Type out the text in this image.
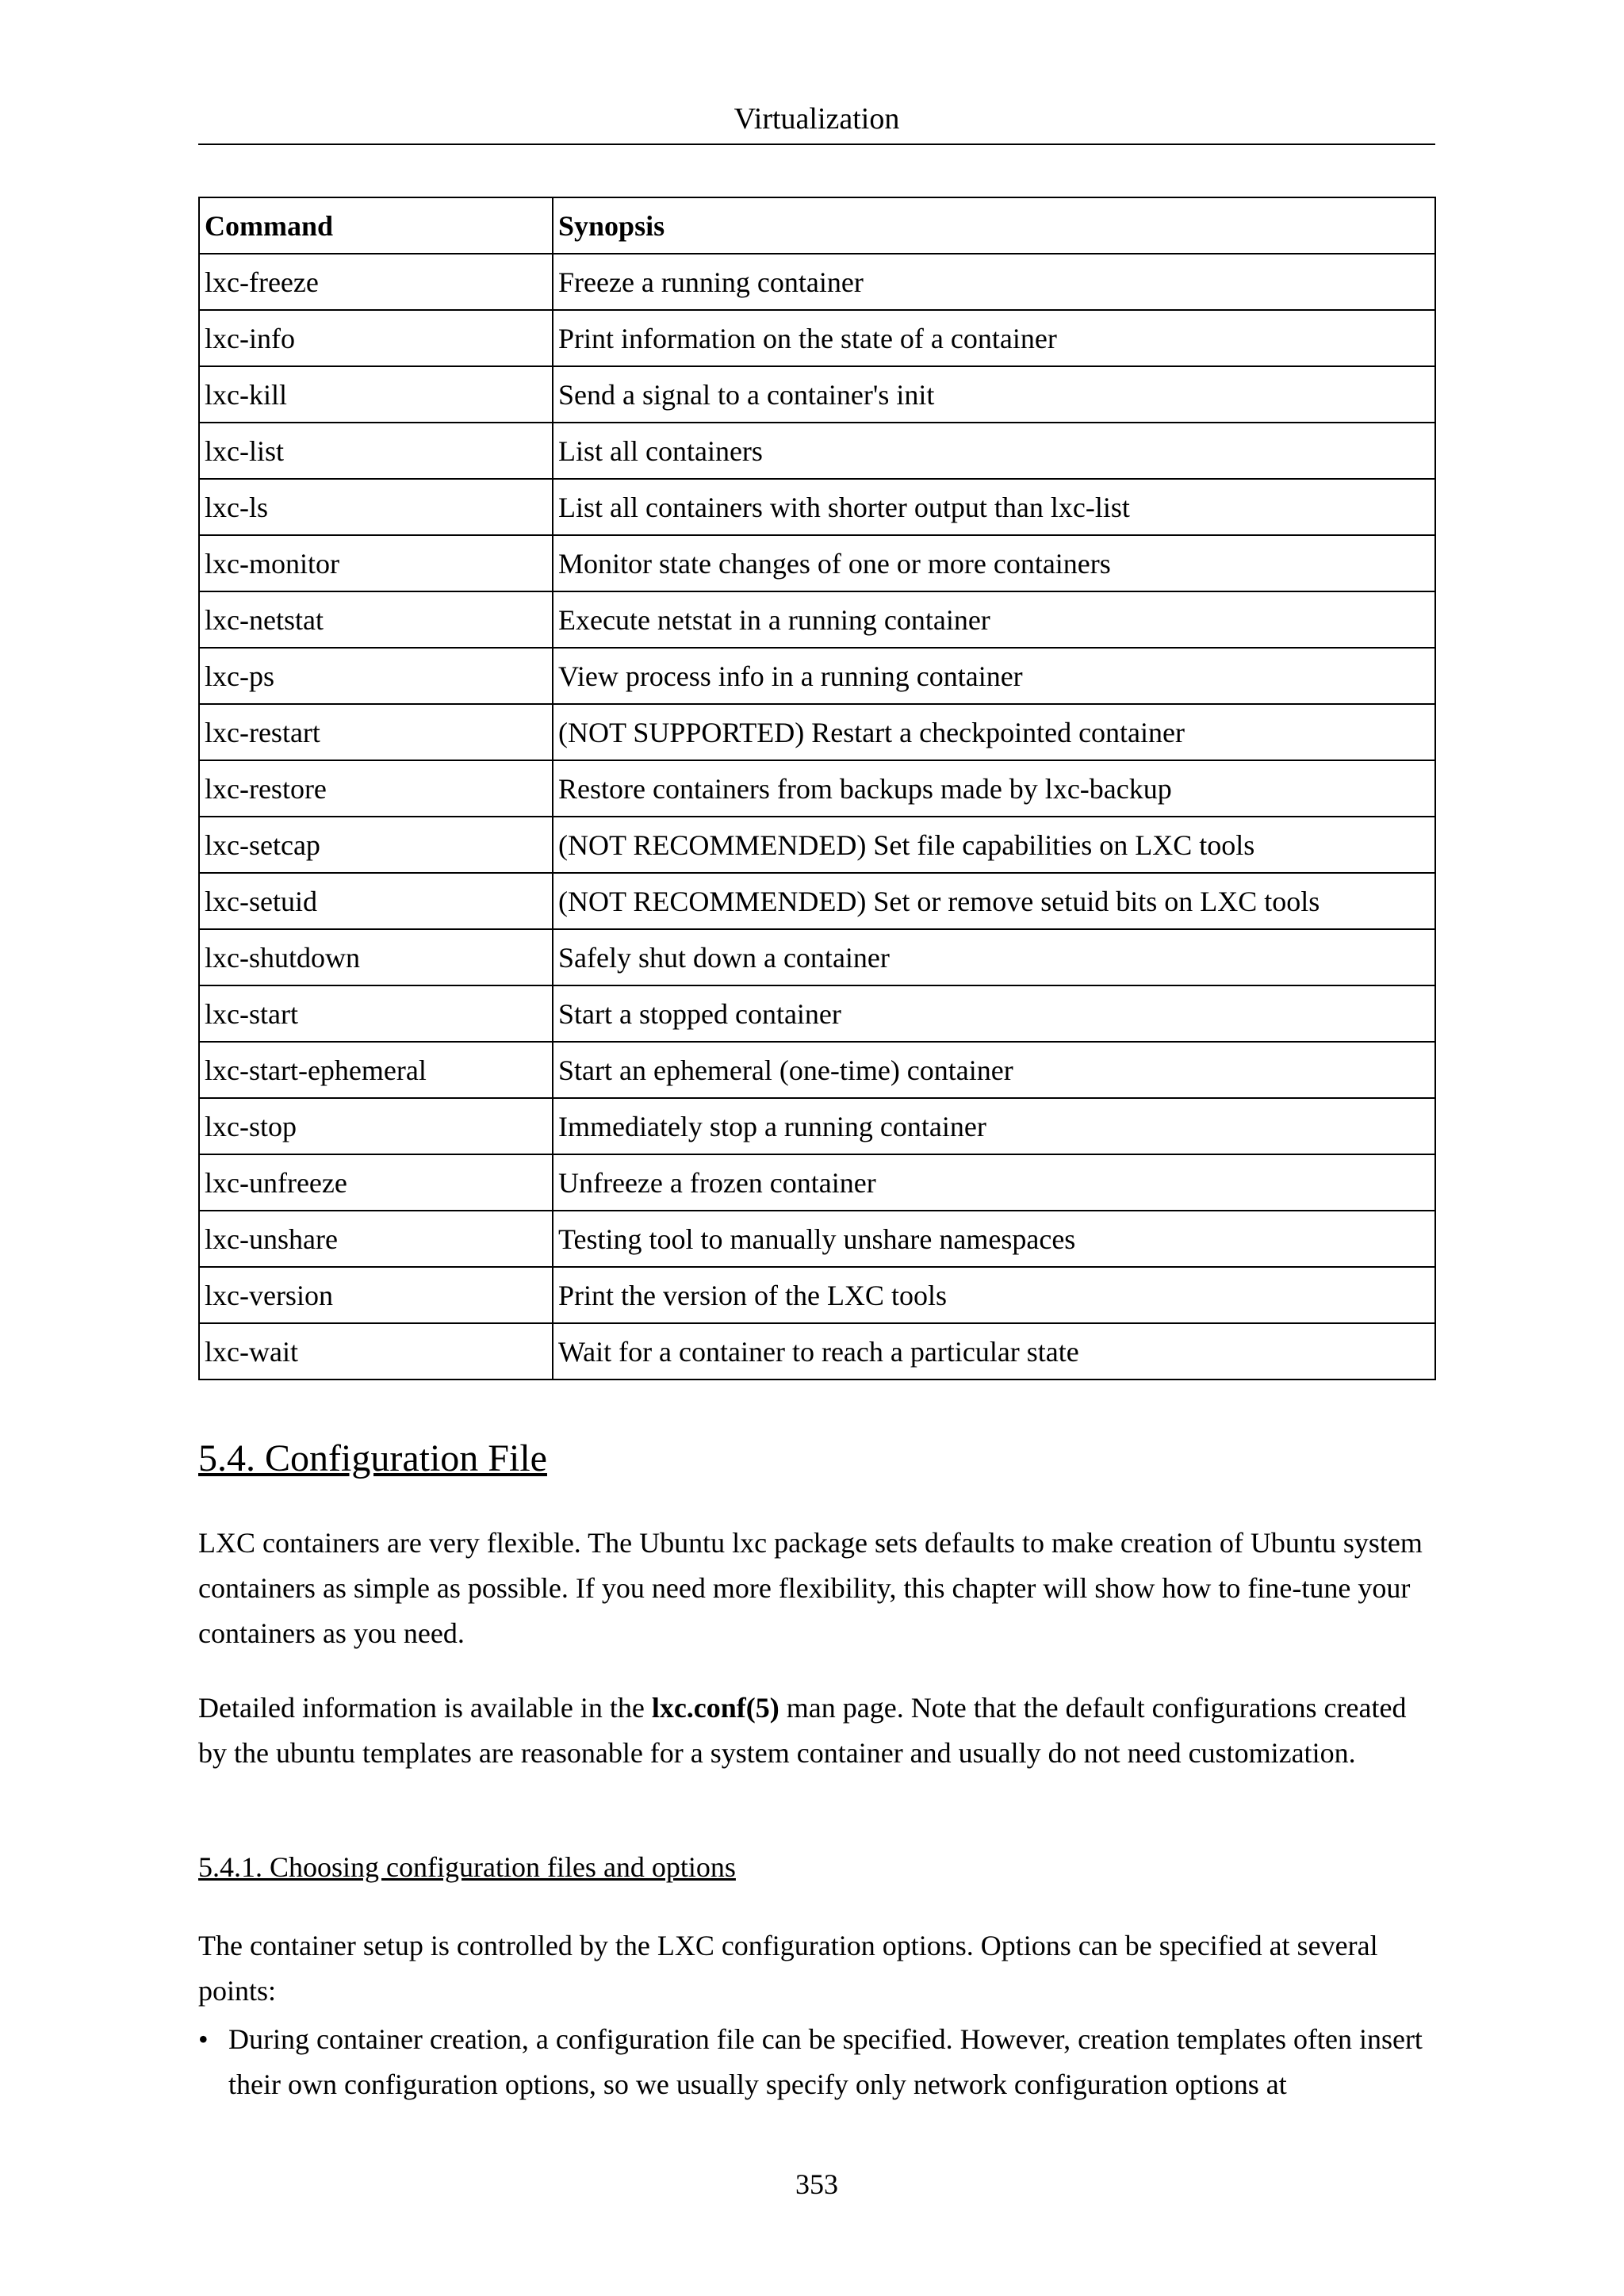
Virtualization
Command	Synopsis
lxc-freeze	Freeze a running container
lxc-info	Print information on the state of a container
lxc-kill	Send a signal to a container's init
lxc-list	List all containers
lxc-ls	List all containers with shorter output than lxc-list
lxc-monitor	Monitor state changes of one or more containers
lxc-netstat	Execute netstat in a running container
lxc-ps	View process info in a running container
lxc-restart	(NOT SUPPORTED) Restart a checkpointed container
lxc-restore	Restore containers from backups made by lxc-backup
lxc-setcap	(NOT RECOMMENDED) Set file capabilities on LXC tools
lxc-setuid	(NOT RECOMMENDED) Set or remove setuid bits on LXC tools
lxc-shutdown	Safely shut down a container
lxc-start	Start a stopped container
lxc-start-ephemeral	Start an ephemeral (one-time) container
lxc-stop	Immediately stop a running container
lxc-unfreeze	Unfreeze a frozen container
lxc-unshare	Testing tool to manually unshare namespaces
lxc-version	Print the version of the LXC tools
lxc-wait	Wait for a container to reach a particular state
5.4. Configuration File

LXC containers are very flexible. The Ubuntu lxc package sets defaults to make creation of Ubuntu system containers as simple as possible. If you need more flexibility, this chapter will show how to fine-tune your containers as you need.

Detailed information is available in the lxc.conf(5) man page. Note that the default configurations created by the ubuntu templates are reasonable for a system container and usually do not need customization.

5.4.1. Choosing configuration files and options

The container setup is controlled by the LXC configuration options. Options can be specified at several points:

• During container creation, a configuration file can be specified. However, creation templates often insert their own configuration options, so we usually specify only network configuration options at
353
